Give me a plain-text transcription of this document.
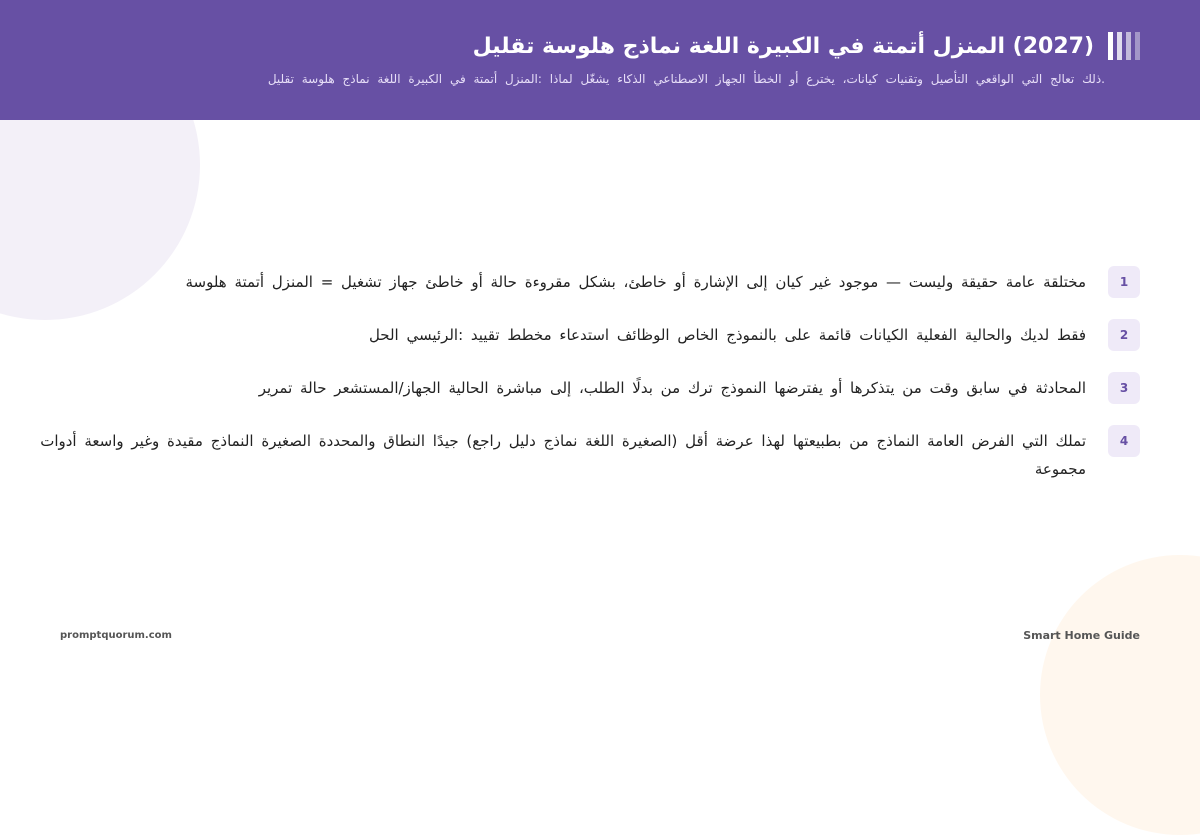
(2027) المنزل أتمتة في الكبيرة اللغة نماذج هلوسة تقليل
.ذلك تعالج التي الواقعي التأصيل وتقنيات كيانات، يخترع أو الخطأ الجهاز الاصطناعي الذكاء يشغّل لماذا :المنزل أتمتة في الكبيرة اللغة نماذج هلوسة تقليل
1
مختلقة عامة حقيقة وليست — موجود غير كيان إلى الإشارة أو خاطئ، بشكل مقروءة حالة أو خاطئ جهاز تشغيل = المنزل أتمتة هلوسة
2
فقط لديك والحالية الفعلية الكيانات قائمة على بالنموذج الخاص الوظائف استدعاء مخطط تقييد :الرئيسي الحل
3
المحادثة في سابق وقت من يتذكرها أو يفترضها النموذج ترك من بدلًا الطلب، إلى مباشرة الحالية الجهاز/المستشعر حالة تمرير
4
تملك التي الفرض العامة النماذج من بطبيعتها لهذا عرضة أقل (الصغيرة اللغة نماذج دليل راجع) جيدًا النطاق والمحددة الصغيرة النماذج مقيدة وغير واسعة أدوات مجموعة
promptquorum.com	Smart Home Guide
